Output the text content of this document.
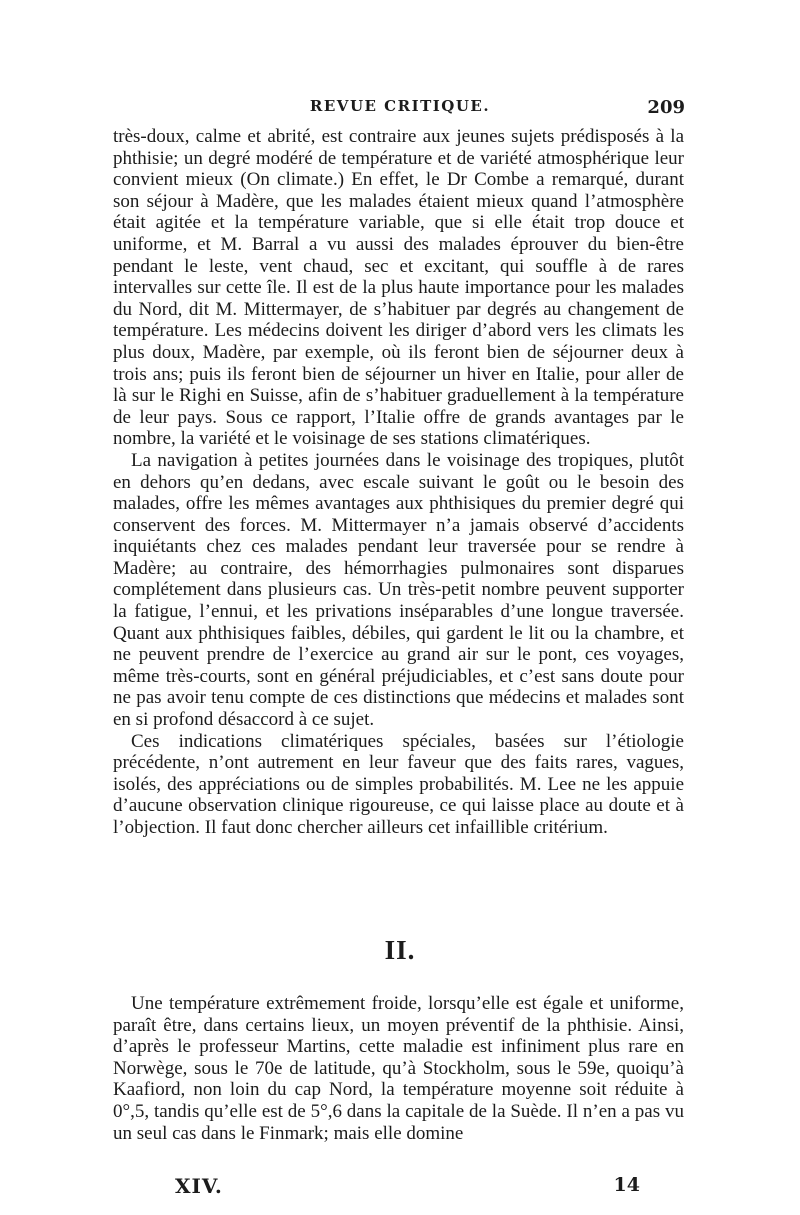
REVUE CRITIQUE.	209

très-doux, calme et abrité, est contraire aux jeunes sujets prédisposés à la phthisie; un degré modéré de température et de variété atmosphérique leur convient mieux (On climate.) En effet, le Dr Combe a remarqué, durant son séjour à Madère, que les malades étaient mieux quand l’atmosphère était agitée et la température variable, que si elle était trop douce et uniforme, et M. Barral a vu aussi des malades éprouver du bien-être pendant le leste, vent chaud, sec et excitant, qui souffle à de rares intervalles sur cette île. Il est de la plus haute importance pour les malades du Nord, dit M. Mittermayer, de s’habituer par degrés au changement de température. Les médecins doivent les diriger d’abord vers les climats les plus doux, Madère, par exemple, où ils feront bien de séjourner deux à trois ans; puis ils feront bien de séjourner un hiver en Italie, pour aller de là sur le Righi en Suisse, afin de s’habituer graduellement à la température de leur pays. Sous ce rapport, l’Italie offre de grands avantages par le nombre, la variété et le voisinage de ses stations climatériques.

La navigation à petites journées dans le voisinage des tropiques, plutôt en dehors qu’en dedans, avec escale suivant le goût ou le besoin des malades, offre les mêmes avantages aux phthisiques du premier degré qui conservent des forces. M. Mittermayer n’a jamais observé d’accidents inquiétants chez ces malades pendant leur traversée pour se rendre à Madère; au contraire, des hémorrhagies pulmonaires sont disparues complétement dans plusieurs cas. Un très-petit nombre peuvent supporter la fatigue, l’ennui, et les privations inséparables d’une longue traversée. Quant aux phthisiques faibles, débiles, qui gardent le lit ou la chambre, et ne peuvent prendre de l’exercice au grand air sur le pont, ces voyages, même très-courts, sont en général préjudiciables, et c’est sans doute pour ne pas avoir tenu compte de ces distinctions que médecins et malades sont en si profond désaccord à ce sujet.

Ces indications climatériques spéciales, basées sur l’étiologie précédente, n’ont autrement en leur faveur que des faits rares, vagues, isolés, des appréciations ou de simples probabilités. M. Lee ne les appuie d’aucune observation clinique rigoureuse, ce qui laisse place au doute et à l’objection. Il faut donc chercher ailleurs cet infaillible critérium.

II.

Une température extrêmement froide, lorsqu’elle est égale et uniforme, paraît être, dans certains lieux, un moyen préventif de la phthisie. Ainsi, d’après le professeur Martins, cette maladie est infiniment plus rare en Norwège, sous le 70e de latitude, qu’à Stockholm, sous le 59e, quoiqu’à Kaafiord, non loin du cap Nord, la température moyenne soit réduite à 0°,5, tandis qu’elle est de 5°,6 dans la capitale de la Suède. Il n’en a pas vu un seul cas dans le Finmark; mais elle domine

XIV.	14
